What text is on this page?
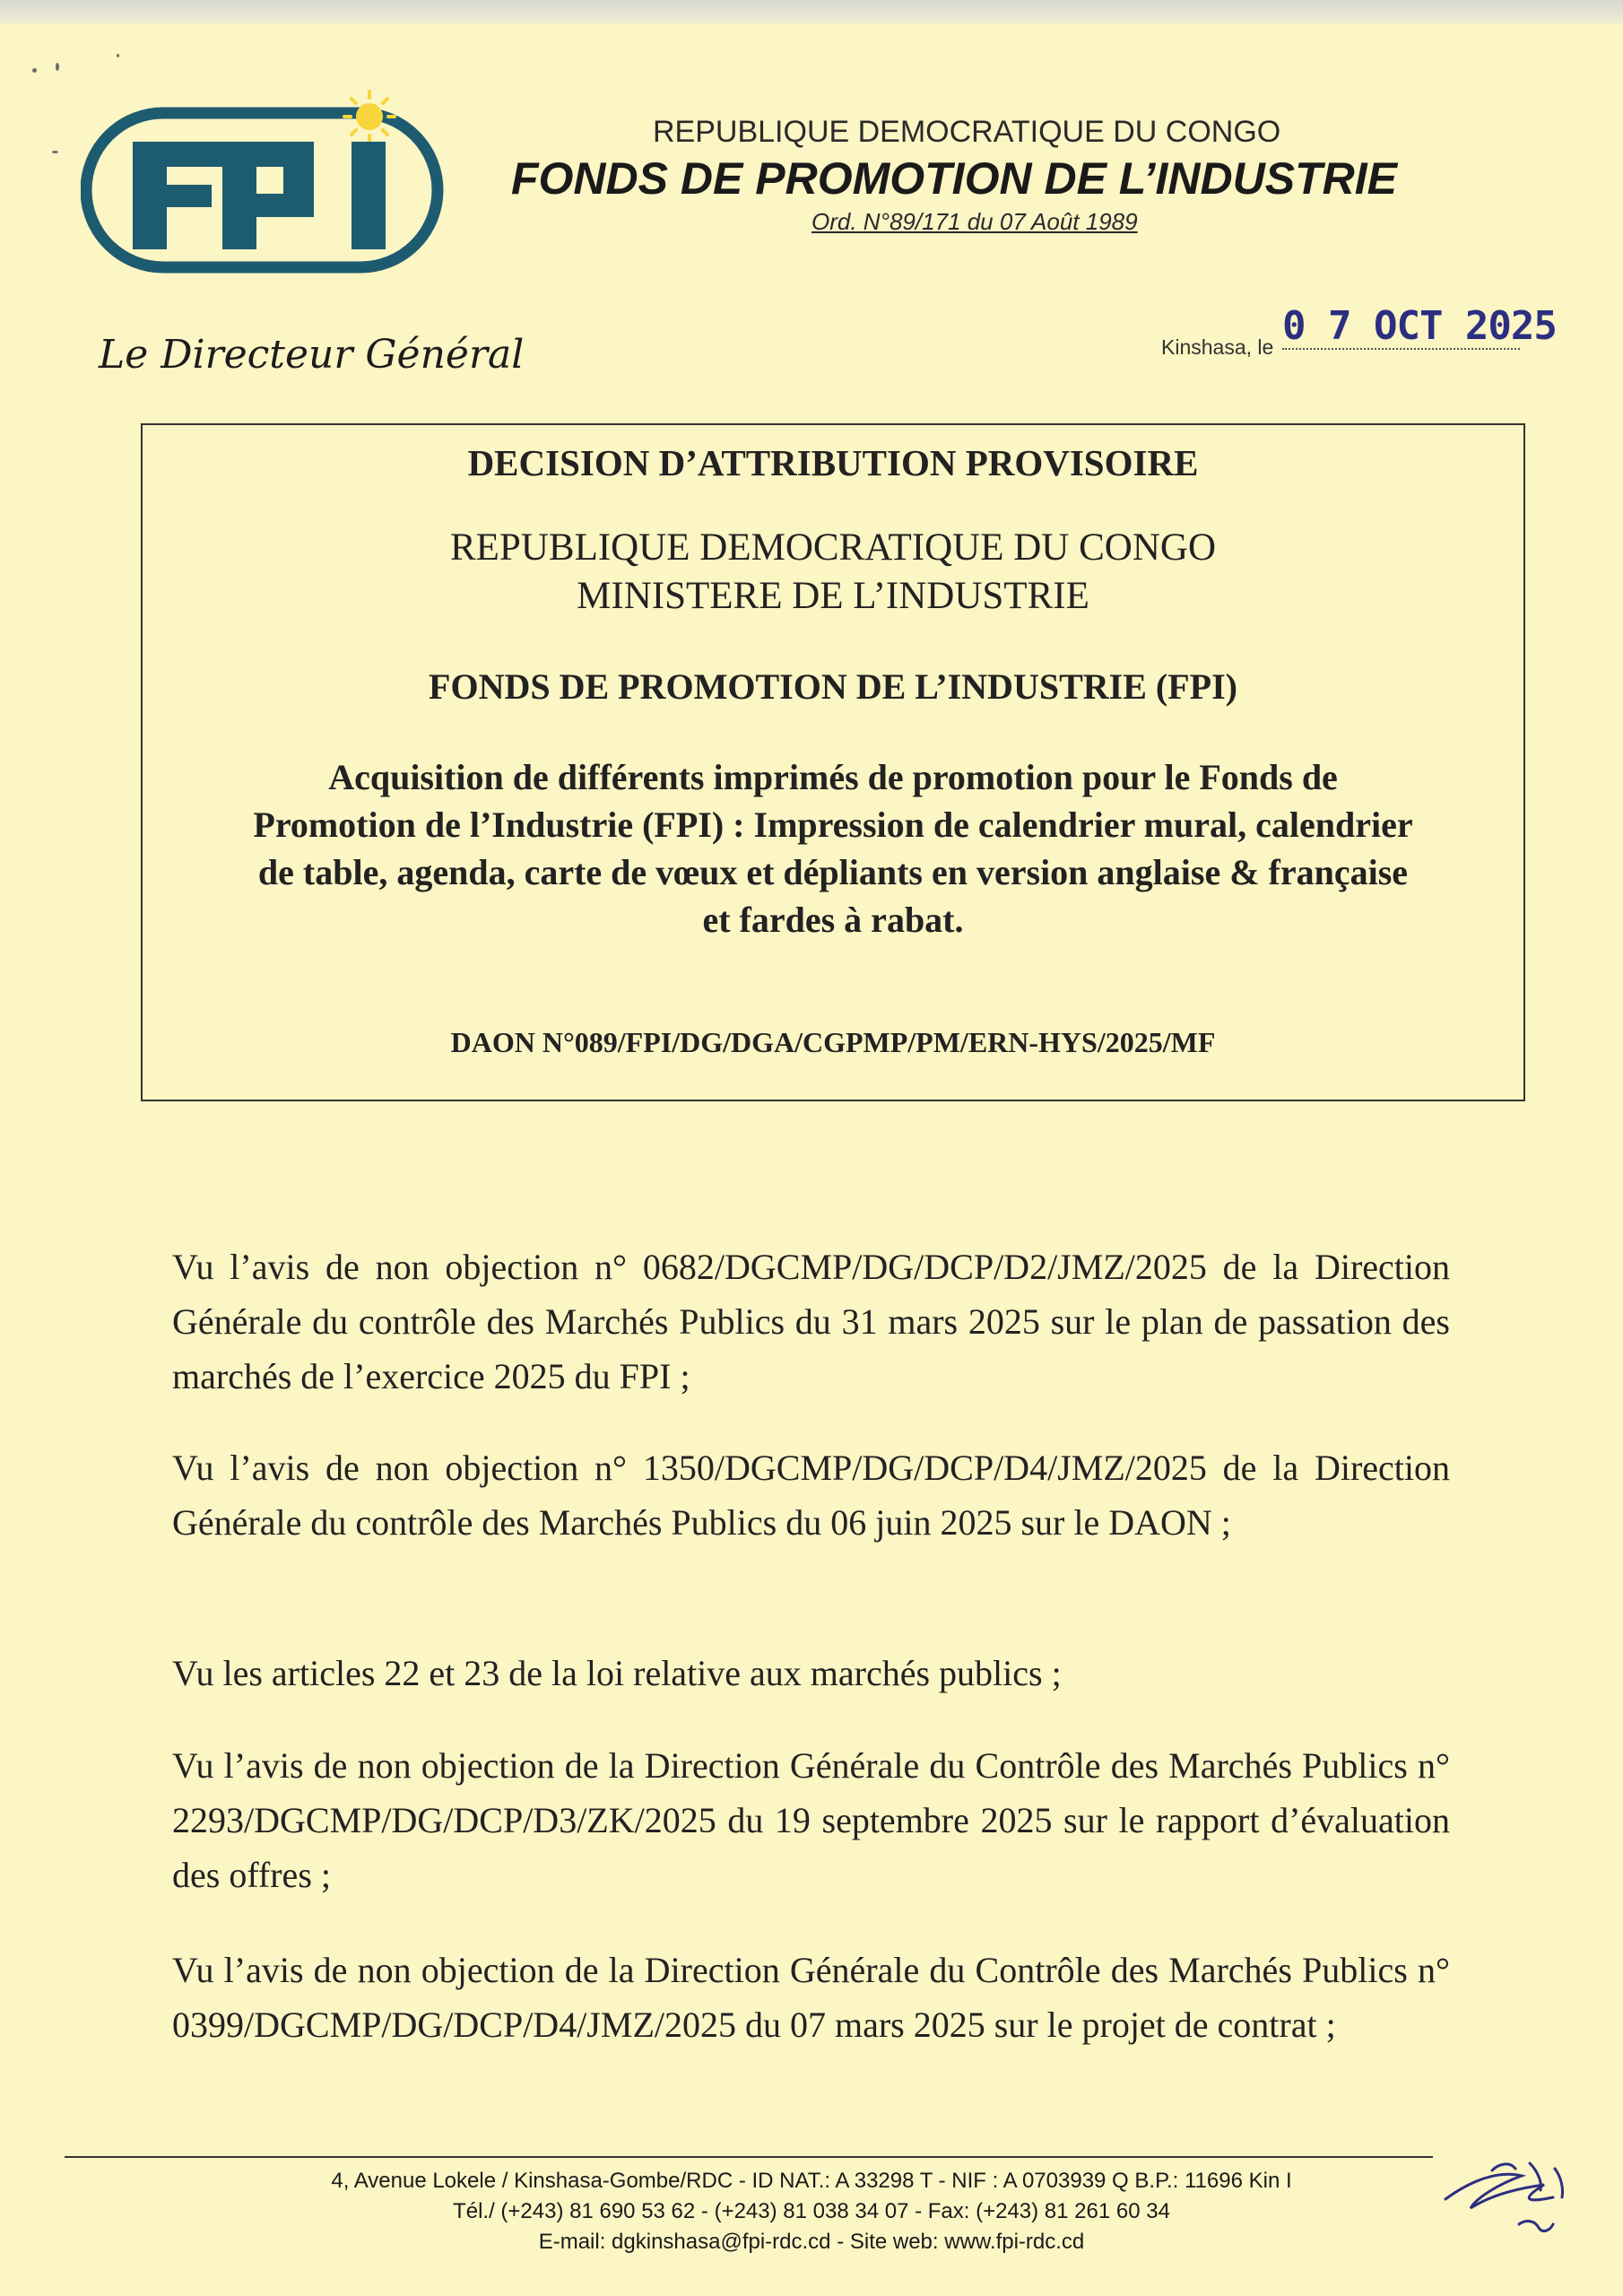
REPUBLIQUE DEMOCRATIQUE DU CONGO
FONDS DE PROMOTION DE L’INDUSTRIE
Ord. N°89/171 du 07 Août 1989
Le Directeur Général	Kinshasa, le 0 7 OCT 2025
DECISION D’ATTRIBUTION PROVISOIRE
REPUBLIQUE DEMOCRATIQUE DU CONGO
MINISTERE DE L’INDUSTRIE
FONDS DE PROMOTION DE L’INDUSTRIE (FPI)
Acquisition de différents imprimés de promotion pour le Fonds de
Promotion de l’Industrie (FPI) : Impression de calendrier mural, calendrier
de table, agenda, carte de vœux et dépliants en version anglaise & française
et fardes à rabat.
DAON N°089/FPI/DG/DGA/CGPMP/PM/ERN-HYS/2025/MF
Vu l’avis de non objection n° 0682/DGCMP/DG/DCP/D2/JMZ/2025 de la Direction Générale du contrôle des Marchés Publics du 31 mars 2025 sur le plan de passation des marchés de l’exercice 2025 du FPI ;
Vu l’avis de non objection n° 1350/DGCMP/DG/DCP/D4/JMZ/2025 de la Direction Générale du contrôle des Marchés Publics du 06 juin 2025 sur le DAON ;
Vu les articles 22 et 23 de la loi relative aux marchés publics ;
Vu l’avis de non objection de la Direction Générale du Contrôle des Marchés Publics n° 2293/DGCMP/DG/DCP/D3/ZK/2025 du 19 septembre 2025 sur le rapport d’évaluation des offres ;
Vu l’avis de non objection de la Direction Générale du Contrôle des Marchés Publics n° 0399/DGCMP/DG/DCP/D4/JMZ/2025 du 07 mars 2025 sur le projet de contrat ;
4, Avenue Lokele / Kinshasa-Gombe/RDC - ID NAT.: A 33298 T - NIF : A 0703939 Q B.P.: 11696 Kin I
Tél./ (+243) 81 690 53 62 - (+243) 81 038 34 07 - Fax: (+243) 81 261 60 34
E-mail: dgkinshasa@fpi-rdc.cd - Site web: www.fpi-rdc.cd
